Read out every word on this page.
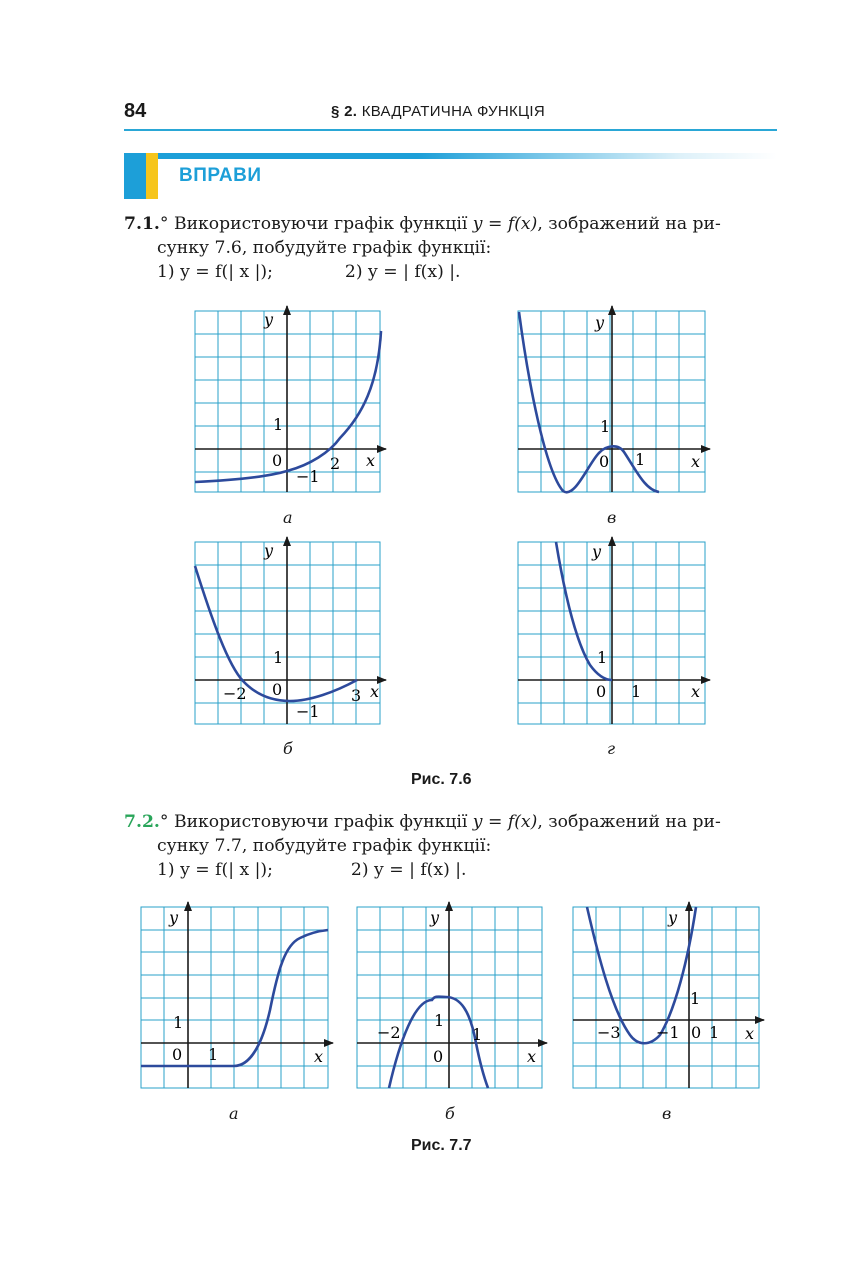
84	§ 2. КВАДРАТИЧНА ФУНКЦІЯ
ВПРАВИ
7.1.° Використовуючи графік функції y = f(x), зображений на ри-
сунку 7.6, побудуйте графік функції:
1) y = f(| x |);	2) y = | f(x) |.
y
x
0
1
2
−1
y
x
0
1
1
y
x
0
1
−2	3
−1
y
x
0
1
1
y
x
0
1
1
y
x
0
1
−2	1
y
x
1
−3 −1 0 1
а	в
б	г
Рис. 7.6
7.2.° Використовуючи графік функції y = f(x), зображений на ри-
сунку 7.7, побудуйте графік функції:
1) y = f(| x |);	2) y = | f(x) |.
а	б	в
Рис. 7.7
